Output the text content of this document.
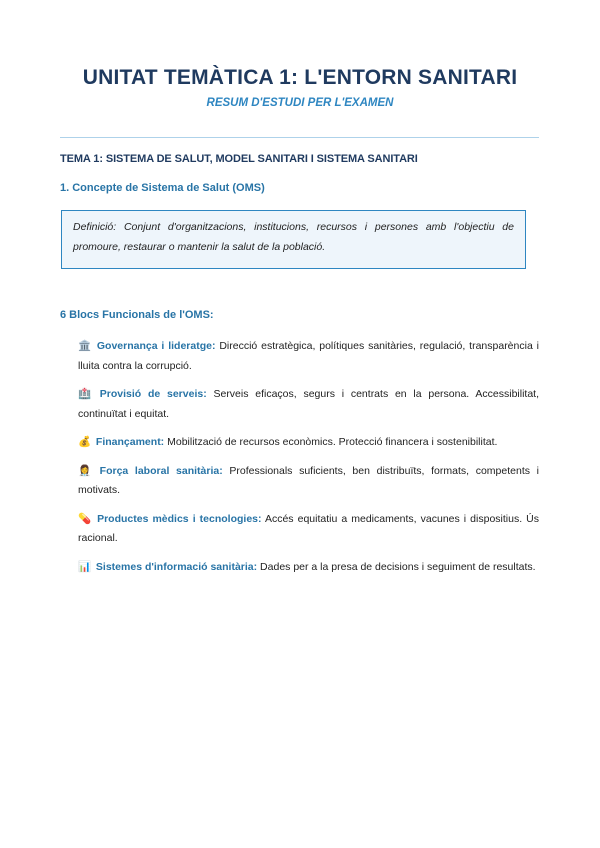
UNITAT TEMÀTICA 1: L'ENTORN SANITARI
RESUM D'ESTUDI PER L'EXAMEN
TEMA 1: SISTEMA DE SALUT, MODEL SANITARI I SISTEMA SANITARI
1. Concepte de Sistema de Salut (OMS)
Definició: Conjunt d'organitzacions, institucions, recursos i persones amb l'objectiu de promoure, restaurar o mantenir la salut de la població.
6 Blocs Funcionals de l'OMS:
🏛️ Governança i lideratge: Direcció estratègica, polítiques sanitàries, regulació, transparència i lluita contra la corrupció.
🏥 Provisió de serveis: Serveis eficaços, segurs i centrats en la persona. Accessibilitat, continuïtat i equitat.
💰 Finançament: Mobilització de recursos econòmics. Protecció financera i sostenibilitat.
👩‍⚕️ Força laboral sanitària: Professionals suficients, ben distribuïts, formats, competents i motivats.
💊 Productes mèdics i tecnologies: Accés equitatiu a medicaments, vacunes i dispositius. Ús racional.
📊 Sistemes d'informació sanitària: Dades per a la presa de decisions i seguiment de resultats.
